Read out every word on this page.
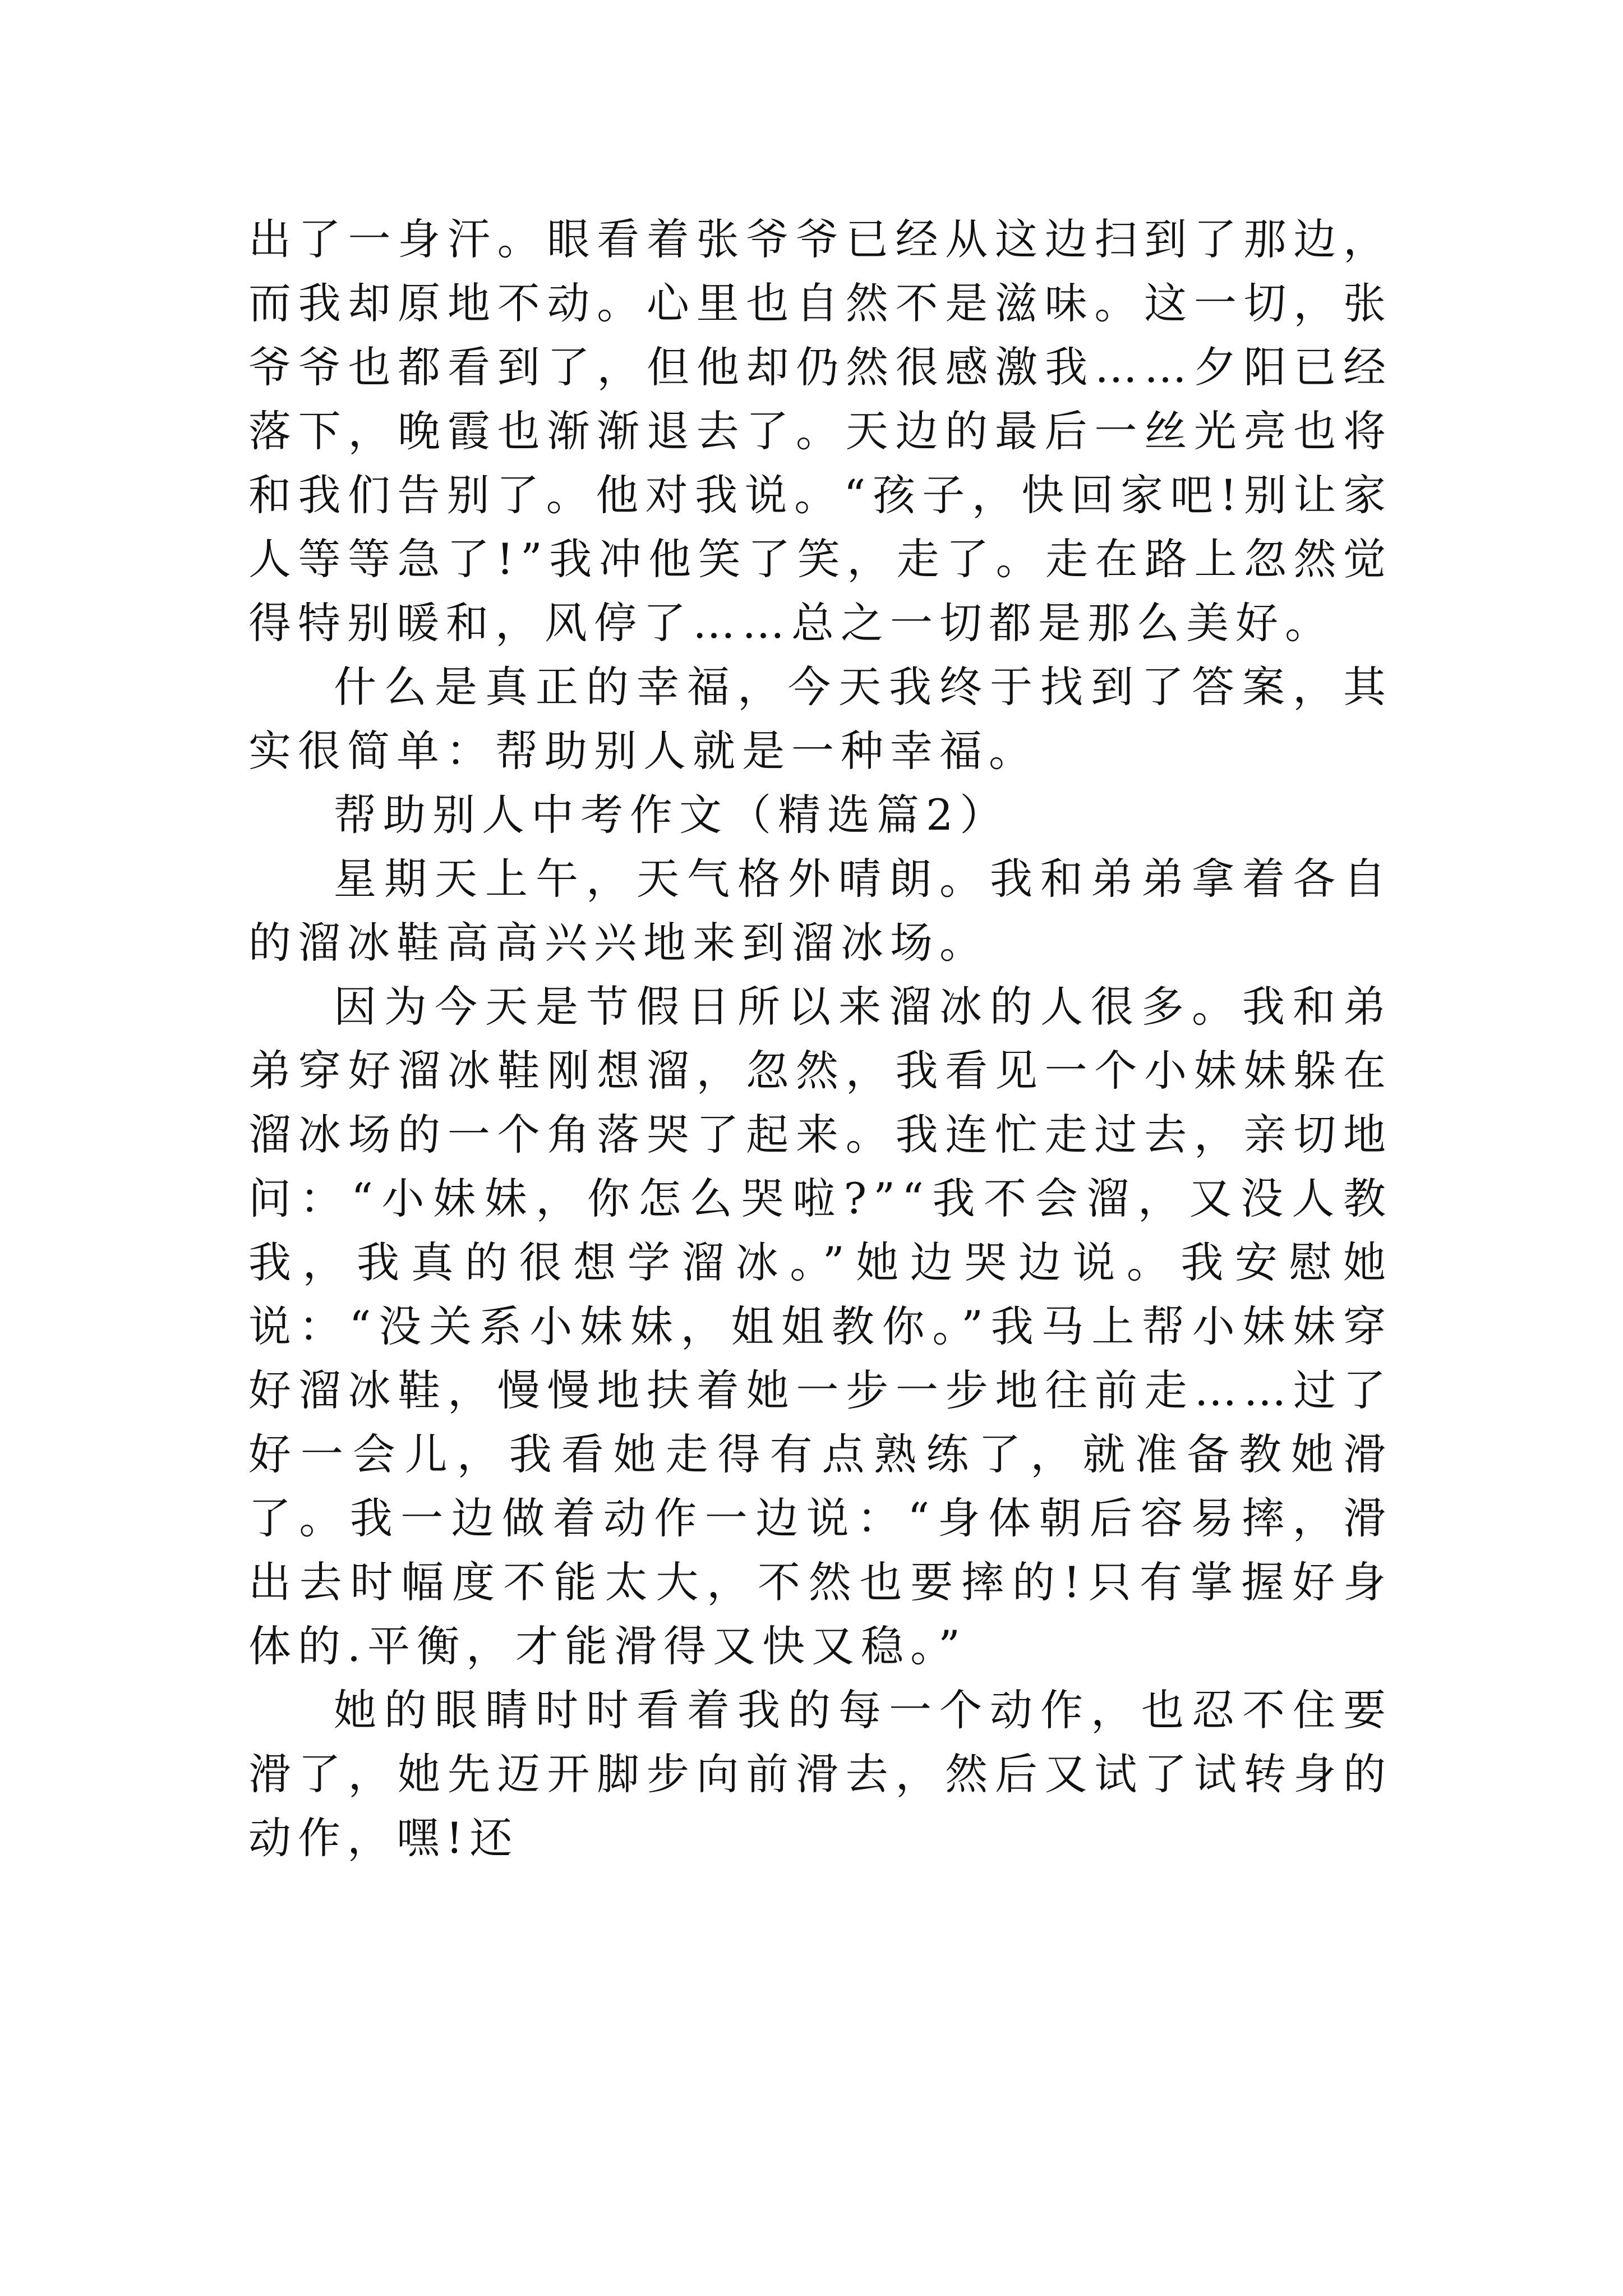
出了一身汗。眼看着张爷爷已经从这边扫到了那边，而我却原地不动。心里也自然不是滋味。这一切，张爷爷也都看到了，但他却仍然很感激我……夕阳已经落下，晚霞也渐渐退去了。天边的最后一丝光亮也将和我们告别了。他对我说。“孩子，快回家吧!别让家人等等急了!”我冲他笑了笑，走了。走在路上忽然觉得特别暖和，风停了……总之一切都是那么美好。

什么是真正的幸福，今天我终于找到了答案，其实很简单：帮助别人就是一种幸福。

帮助别人中考作文（精选篇2）

星期天上午，天气格外晴朗。我和弟弟拿着各自的溜冰鞋高高兴兴地来到溜冰场。

因为今天是节假日所以来溜冰的人很多。我和弟弟穿好溜冰鞋刚想溜，忽然，我看见一个小妹妹躲在溜冰场的一个角落哭了起来。我连忙走过去，亲切地问：“小妹妹，你怎么哭啦?”“我不会溜，又没人教我，我真的很想学溜冰。”她边哭边说。我安慰她说：“没关系小妹妹，姐姐教你。”我马上帮小妹妹穿好溜冰鞋，慢慢地扶着她一步一步地往前走……过了好一会儿，我看她走得有点熟练了，就准备教她滑了。我一边做着动作一边说：“身体朝后容易摔，滑出去时幅度不能太大，不然也要摔的!只有掌握好身体的.平衡，才能滑得又快又稳。”

她的眼睛时时看着我的每一个动作，也忍不住要滑了，她先迈开脚步向前滑去，然后又试了试转身的动作，嘿!还
